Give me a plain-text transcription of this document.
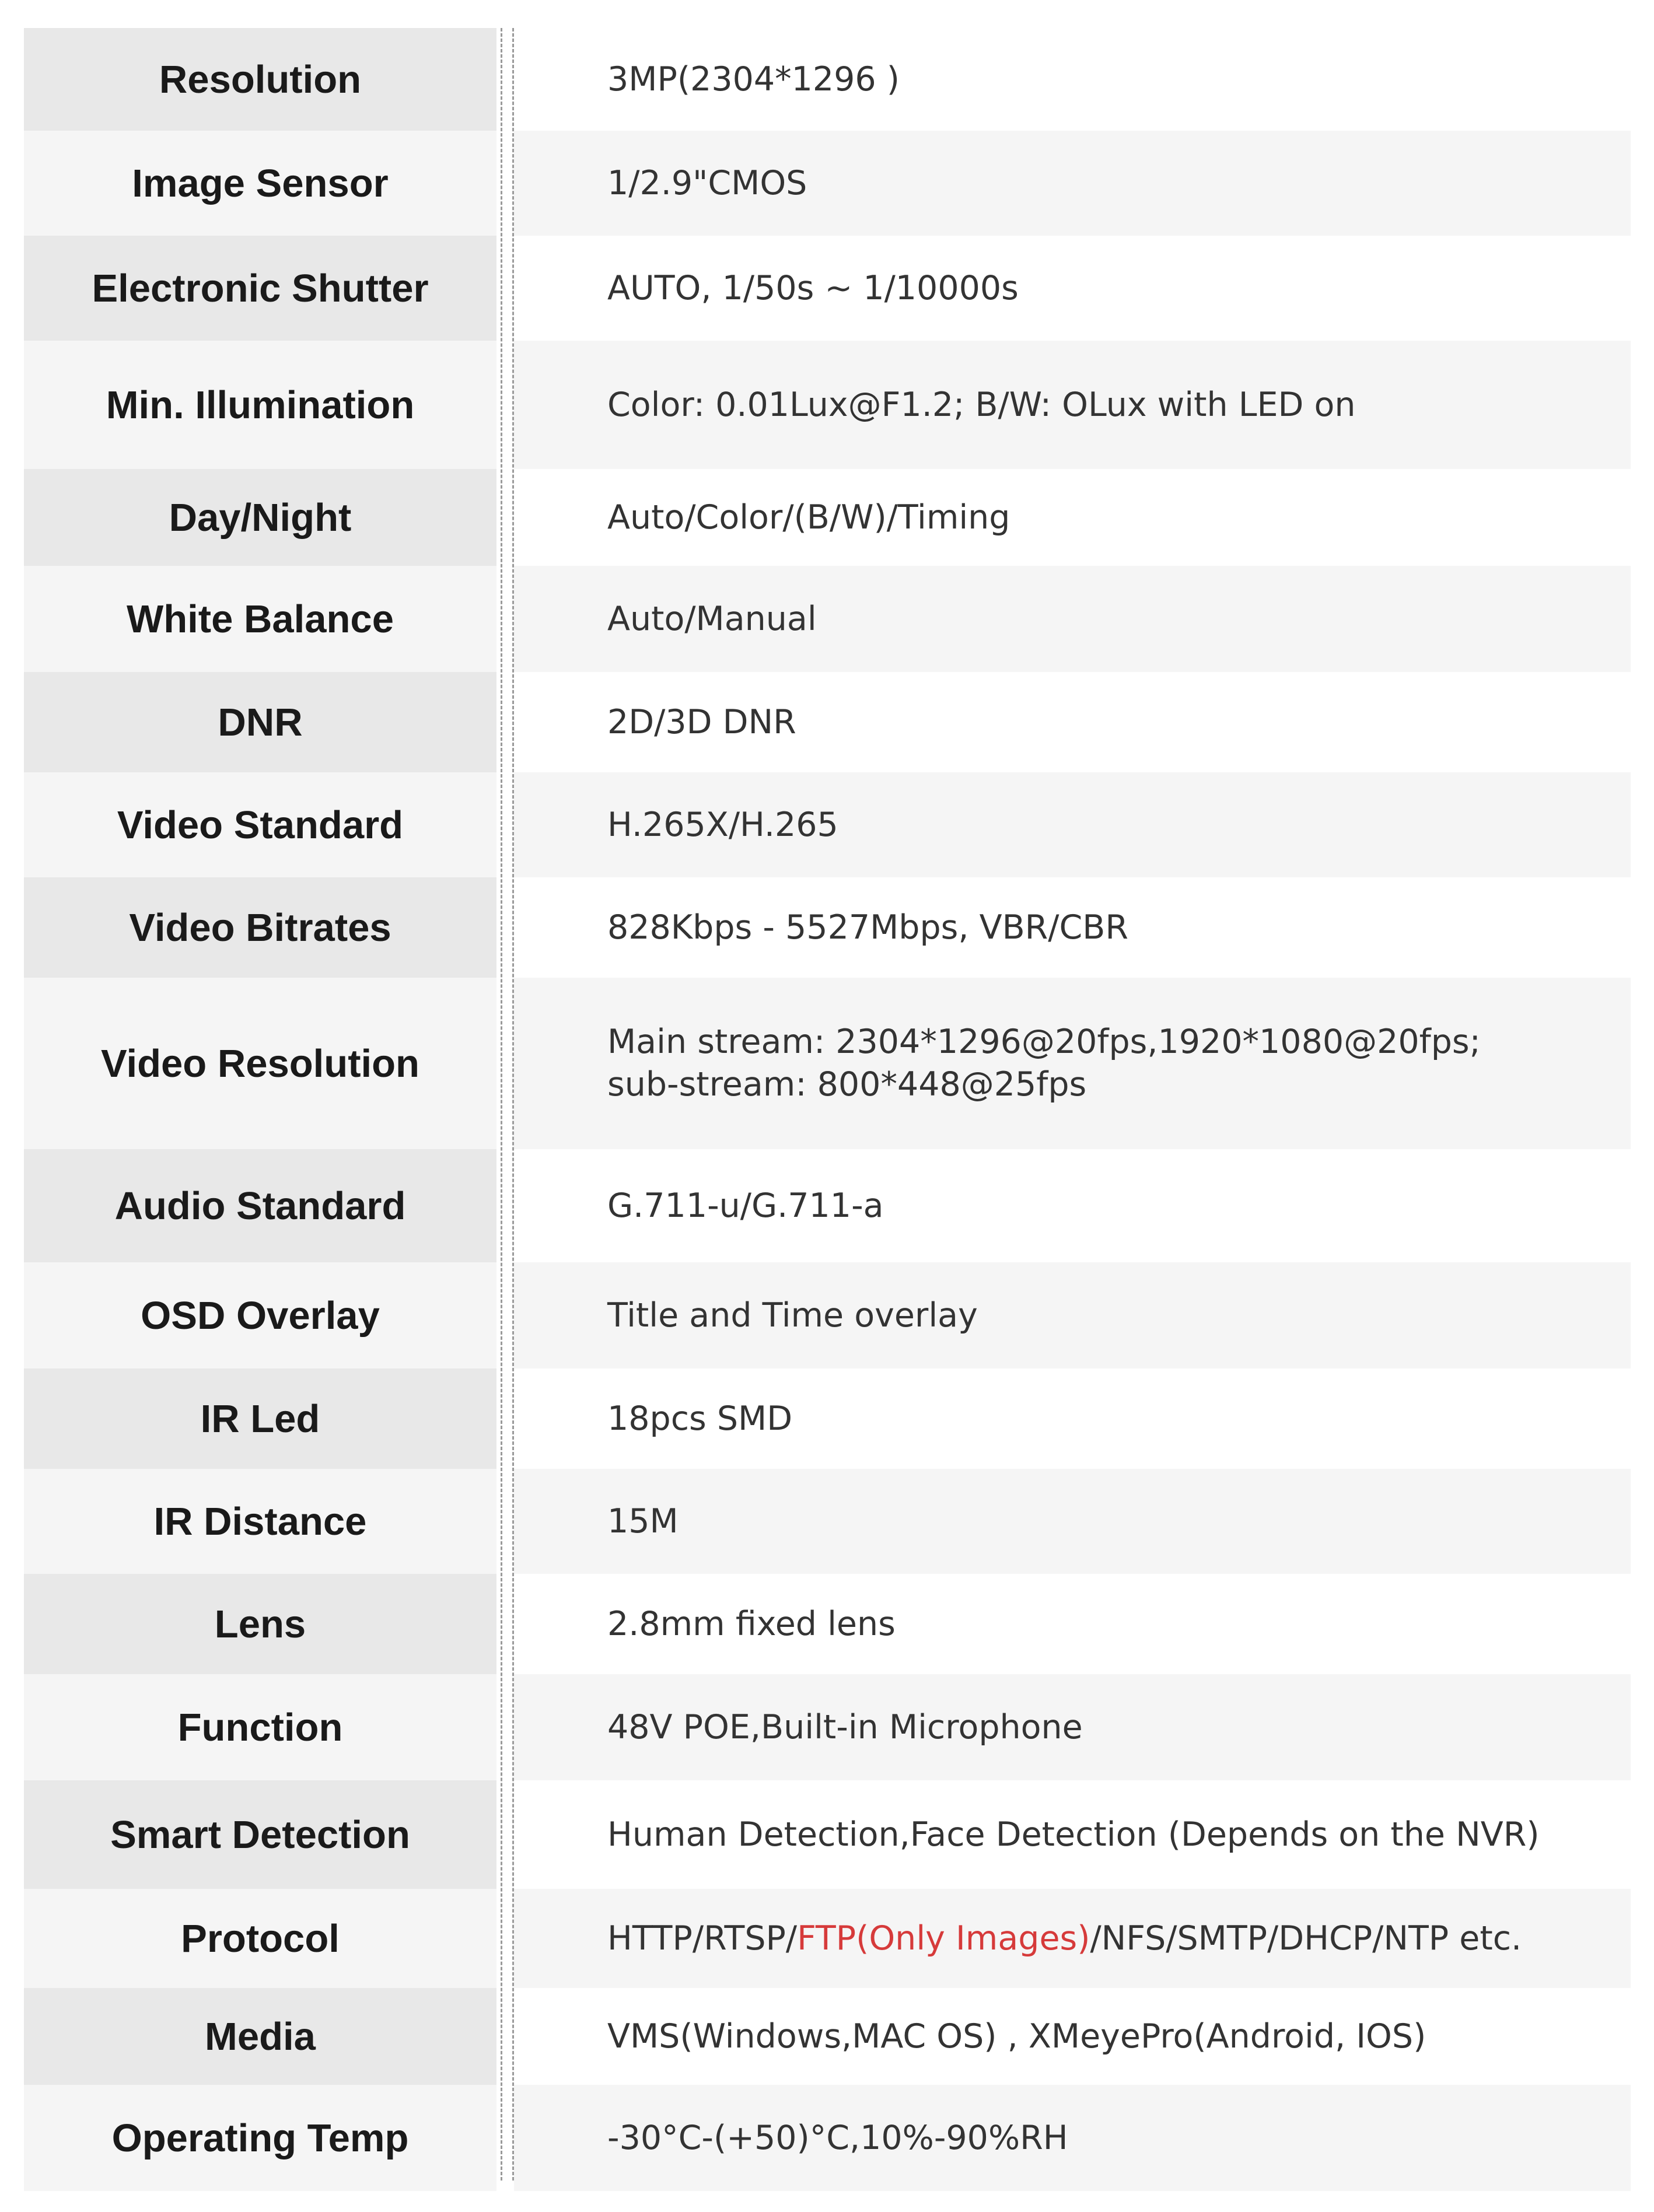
Resolution	3MP(2304*1296 )
Image Sensor	1/2.9"CMOS
Electronic Shutter	AUTO, 1/50s ~ 1/10000s
Min. Illumination	Color: 0.01Lux@F1.2; B/W: OLux with LED on
Day/Night	Auto/Color/(B/W)/Timing
White Balance	Auto/Manual
DNR	2D/3D DNR
Video Standard	H.265X/H.265
Video Bitrates	828Kbps - 5527Mbps, VBR/CBR
Video Resolution	Main stream: 2304*1296@20fps,1920*1080@20fps;
sub-stream: 800*448@25fps
Audio Standard	G.711-u/G.711-a
OSD Overlay	Title and Time overlay
IR Led	18pcs SMD
IR Distance	15M
Lens	2.8mm fixed lens
Function	48V POE,Built-in Microphone
Smart Detection	Human Detection,Face Detection (Depends on the NVR)
Protocol	HTTP/RTSP/ FTP(Only Images) /NFS/SMTP/DHCP/NTP etc.
Media	VMS(Windows,MAC OS) , XMeyePro(Android, IOS)
Operating Temp	-30°C-(+50)°C,10%-90%RH
